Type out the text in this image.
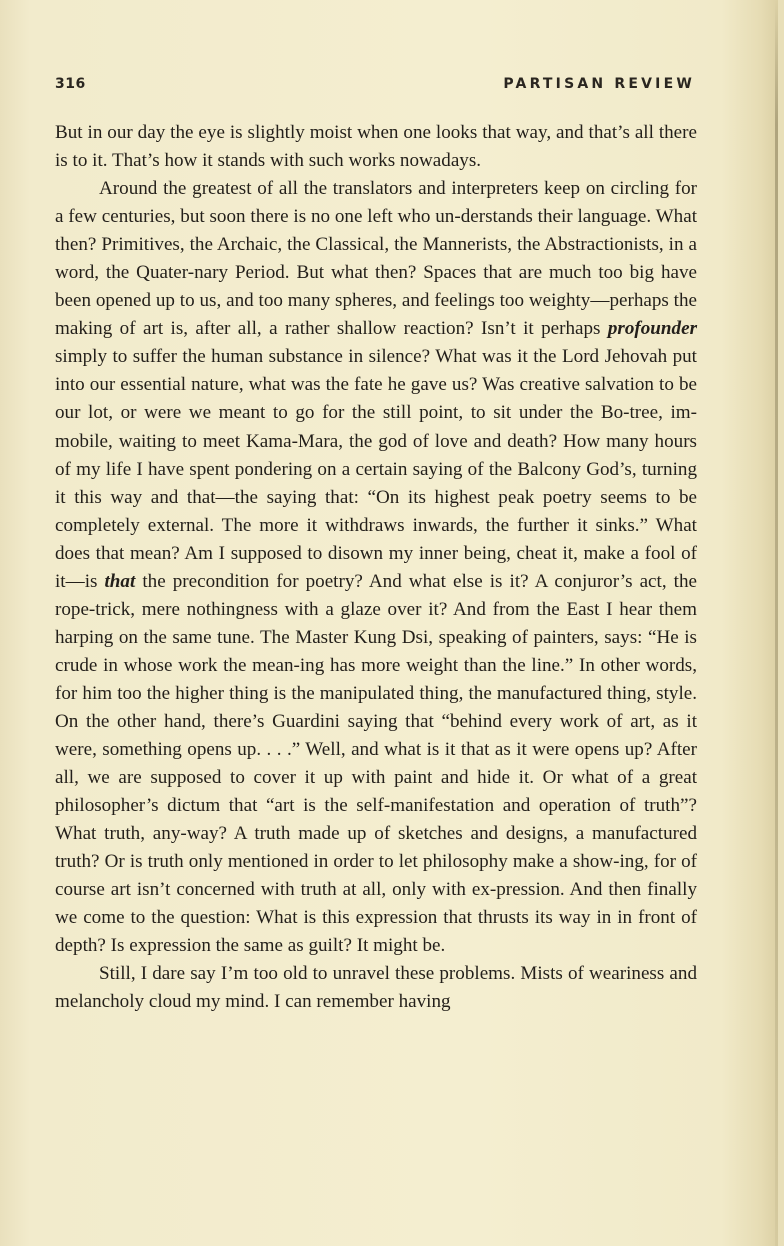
316	PARTISAN REVIEW

But in our day the eye is slightly moist when one looks that way, and that’s all there is to it. That’s how it stands with such works nowadays.

Around the greatest of all the translators and interpreters keep on circling for a few centuries, but soon there is no one left who un-derstands their language. What then? Primitives, the Archaic, the Classical, the Mannerists, the Abstractionists, in a word, the Quater-nary Period. But what then? Spaces that are much too big have been opened up to us, and too many spheres, and feelings too weighty—perhaps the making of art is, after all, a rather shallow reaction? Isn’t it perhaps profounder simply to suffer the human substance in silence? What was it the Lord Jehovah put into our essential nature, what was the fate he gave us? Was creative salvation to be our lot, or were we meant to go for the still point, to sit under the Bo-tree, im-mobile, waiting to meet Kama-Mara, the god of love and death? How many hours of my life I have spent pondering on a certain saying of the Balcony God’s, turning it this way and that—the saying that: “On its highest peak poetry seems to be completely external. The more it withdraws inwards, the further it sinks.” What does that mean? Am I supposed to disown my inner being, cheat it, make a fool of it—is that the precondition for poetry? And what else is it? A conjuror’s act, the rope-trick, mere nothingness with a glaze over it? And from the East I hear them harping on the same tune. The Master Kung Dsi, speaking of painters, says: “He is crude in whose work the mean-ing has more weight than the line.” In other words, for him too the higher thing is the manipulated thing, the manufactured thing, style. On the other hand, there’s Guardini saying that “behind every work of art, as it were, something opens up. . . .” Well, and what is it that as it were opens up? After all, we are supposed to cover it up with paint and hide it. Or what of a great philosopher’s dictum that “art is the self-manifestation and operation of truth”? What truth, any-way? A truth made up of sketches and designs, a manufactured truth? Or is truth only mentioned in order to let philosophy make a show-ing, for of course art isn’t concerned with truth at all, only with ex-pression. And then finally we come to the question: What is this expression that thrusts its way in in front of depth? Is expression the same as guilt? It might be.

Still, I dare say I’m too old to unravel these problems. Mists of weariness and melancholy cloud my mind. I can remember having
